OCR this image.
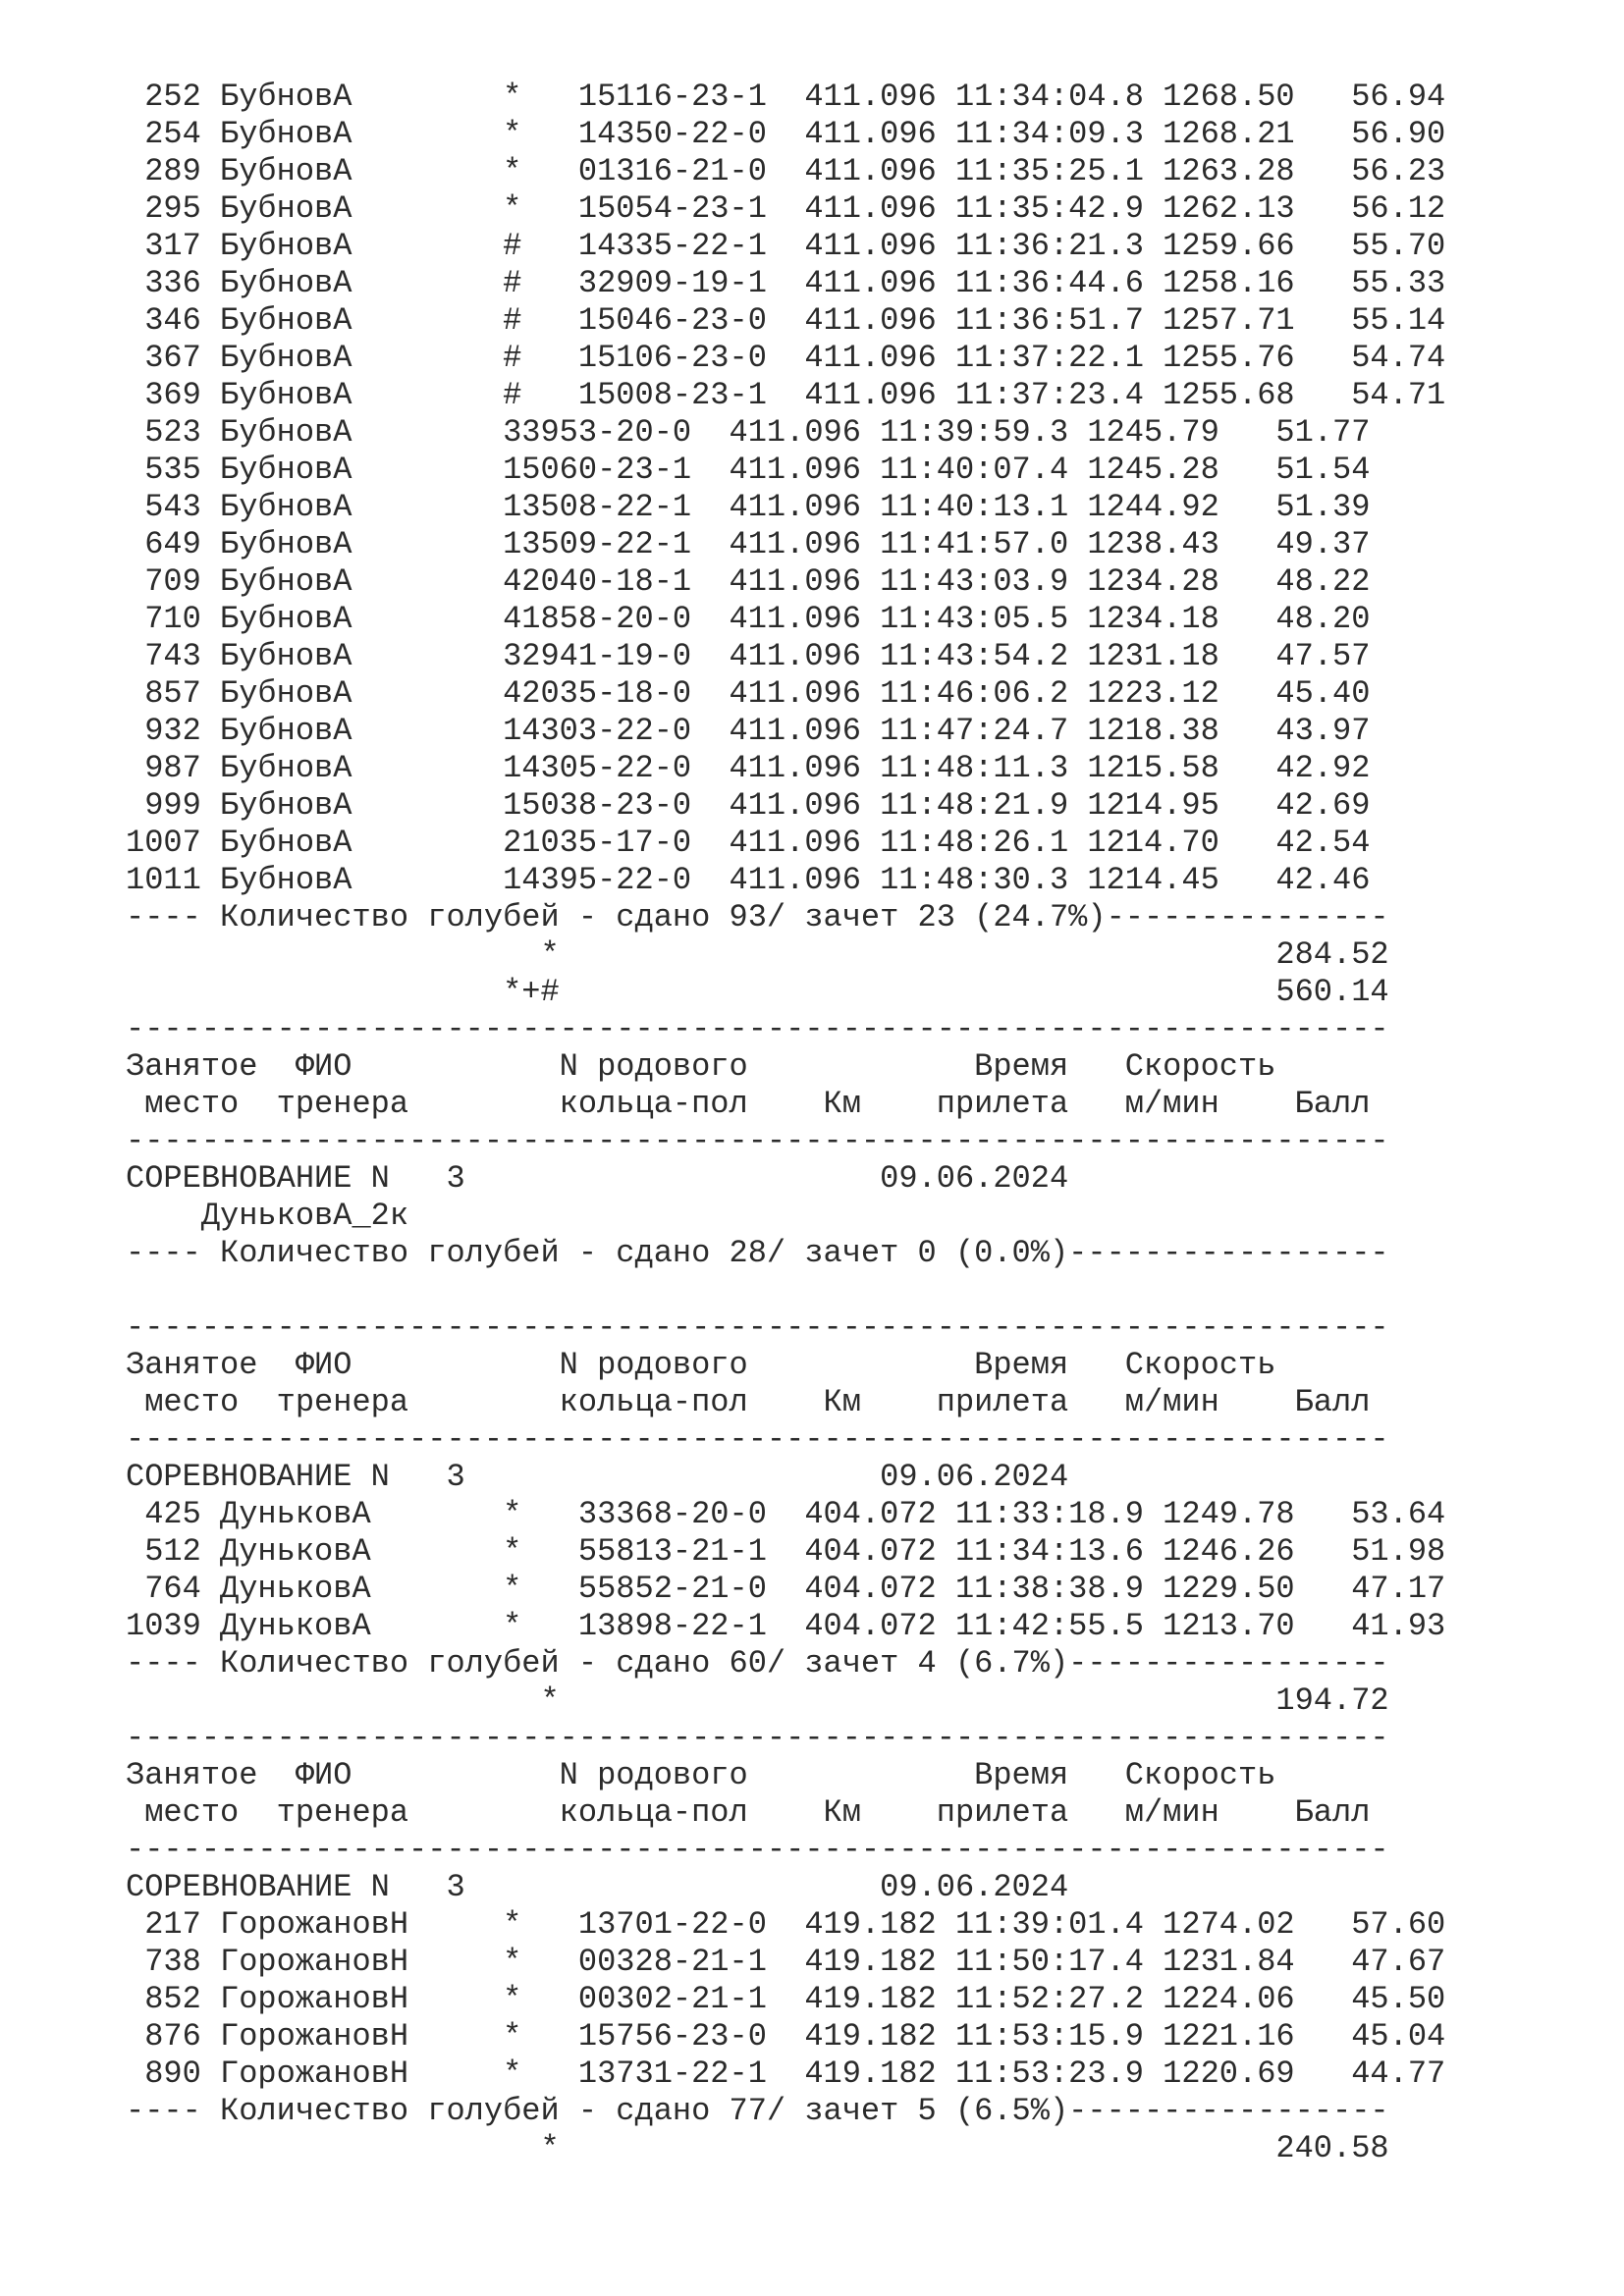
252 БубновА        *   15116-23-1  411.096 11:34:04.8 1268.50   56.94
254 БубновА        *   14350-22-0  411.096 11:34:09.3 1268.21   56.90
289 БубновА        *   01316-21-0  411.096 11:35:25.1 1263.28   56.23
295 БубновА        *   15054-23-1  411.096 11:35:42.9 1262.13   56.12
317 БубновА        #   14335-22-1  411.096 11:36:21.3 1259.66   55.70
336 БубновА        #   32909-19-1  411.096 11:36:44.6 1258.16   55.33
346 БубновА        #   15046-23-0  411.096 11:36:51.7 1257.71   55.14
367 БубновА        #   15106-23-0  411.096 11:37:22.1 1255.76   54.74
369 БубновА        #   15008-23-1  411.096 11:37:23.4 1255.68   54.71
523 БубновА        33953-20-0  411.096 11:39:59.3 1245.79   51.77
535 БубновА        15060-23-1  411.096 11:40:07.4 1245.28   51.54
543 БубновА        13508-22-1  411.096 11:40:13.1 1244.92   51.39
649 БубновА        13509-22-1  411.096 11:41:57.0 1238.43   49.37
709 БубновА        42040-18-1  411.096 11:43:03.9 1234.28   48.22
710 БубновА        41858-20-0  411.096 11:43:05.5 1234.18   48.20
743 БубновА        32941-19-0  411.096 11:43:54.2 1231.18   47.57
857 БубновА        42035-18-0  411.096 11:46:06.2 1223.12   45.40
932 БубновА        14303-22-0  411.096 11:47:24.7 1218.38   43.97
987 БубновА        14305-22-0  411.096 11:48:11.3 1215.58   42.92
999 БубновА        15038-23-0  411.096 11:48:21.9 1214.95   42.69
1007 БубновА        21035-17-0  411.096 11:48:26.1 1214.70   42.54
1011 БубновА        14395-22-0  411.096 11:48:30.3 1214.45   42.46
---- Количество голубей - сдано 93/ зачет 23 (24.7%)---------------
*	284.52
*+#	560.14
-------------------------------------------------------------------
Занятое  ФИО           N родового            Время   Скорость
место  тренера        кольца-пол    Км    прилета   м/мин    Балл
-------------------------------------------------------------------
СОРЕВНОВАНИЕ N 3	09.06.2024
ДуньковА_2к
---- Количество голубей - сдано 28/ зачет 0 (0.0%)-----------------

-------------------------------------------------------------------
Занятое  ФИО           N родового            Время   Скорость
место  тренера        кольца-пол    Км    прилета   м/мин    Балл
-------------------------------------------------------------------
СОРЕВНОВАНИЕ N 3	09.06.2024
425 ДуньковА       *   33368-20-0  404.072 11:33:18.9 1249.78   53.64
512 ДуньковА       *   55813-21-1  404.072 11:34:13.6 1246.26   51.98
764 ДуньковА       *   55852-21-0  404.072 11:38:38.9 1229.50   47.17
1039 ДуньковА       *   13898-22-1  404.072 11:42:55.5 1213.70   41.93
---- Количество голубей - сдано 60/ зачет 4 (6.7%)-----------------
*	194.72
-------------------------------------------------------------------
Занятое  ФИО           N родового            Время   Скорость
место  тренера        кольца-пол    Км    прилета   м/мин    Балл
-------------------------------------------------------------------
СОРЕВНОВАНИЕ N 3	09.06.2024
217 ГорожановН     *   13701-22-0  419.182 11:39:01.4 1274.02   57.60
738 ГорожановН     *   00328-21-1  419.182 11:50:17.4 1231.84   47.67
852 ГорожановН     *   00302-21-1  419.182 11:52:27.2 1224.06   45.50
876 ГорожановН     *   15756-23-0  419.182 11:53:15.9 1221.16   45.04
890 ГорожановН     *   13731-22-1  419.182 11:53:23.9 1220.69   44.77
---- Количество голубей - сдано 77/ зачет 5 (6.5%)-----------------
*	240.58
